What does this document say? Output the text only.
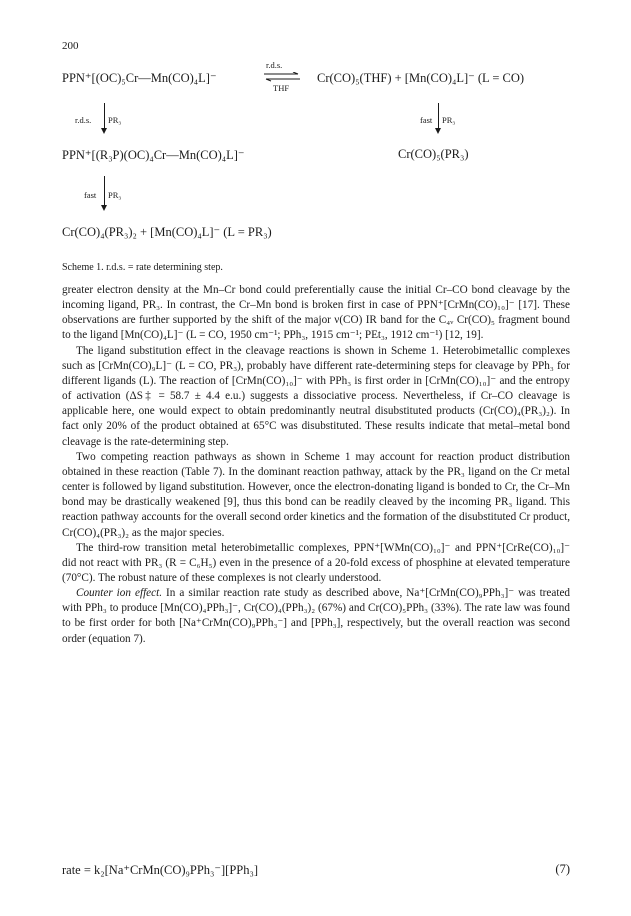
200
PPN⁺[(OC)₅Cr—Mn(CO)₄L]⁻
r.d.s.
THF
Cr(CO)₅(THF) + [Mn(CO)₄L]⁻ (L = CO)
r.d.s. PR₃	fast PR₃
PPN⁺[(R₃P)(OC)₄Cr—Mn(CO)₄L]⁻	Cr(CO)₅(PR₃)
fast PR₃
Cr(CO)₄(PR₃)₂ + [Mn(CO)₄L]⁻ (L = PR₃)
Scheme 1. r.d.s. = rate determining step.

greater electron density at the Mn–Cr bond could preferentially cause the initial Cr–CO bond cleavage by the incoming ligand, PR₃. In contrast, the Cr–Mn bond is broken first in case of PPN⁺[CrMn(CO)₁₀]⁻ [17]. These observations are further supported by the shift of the major ν(CO) IR band for the C₄ᵥ Cr(CO)₅ fragment bound to the ligand [Mn(CO)₄L]⁻ (L = CO, 1950 cm⁻¹; PPh₃, 1915 cm⁻¹; PEt₃, 1912 cm⁻¹) [12, 19].

The ligand substitution effect in the cleavage reactions is shown in Scheme 1. Heterobimetallic complexes such as [CrMn(CO)₉L]⁻ (L = CO, PR₃), probably have different rate-determining steps for cleavage by PPh₃ for different ligands (L). The reaction of [CrMn(CO)₁₀]⁻ with PPh₃ is first order in [CrMn(CO)₁₀]⁻ and the entropy of activation (ΔS‡ = 58.7 ± 4.4 e.u.) suggests a dissociative process. Nevertheless, if Cr–CO cleavage is applicable here, one would expect to obtain predominantly neutral disubstituted products (Cr(CO)₄(PR₃)₂). In fact only 20% of the product obtained at 65°C was disubstituted. These results indicate that metal–metal bond cleavage is the rate-determining step.

Two competing reaction pathways as shown in Scheme 1 may account for reaction product distribution obtained in these reaction (Table 7). In the dominant reaction pathway, attack by the PR₃ ligand on the Cr metal center is followed by ligand substitution. However, once the electron-donating ligand is bonded to Cr, the Cr–Mn bond may be drastically weakened [9], thus this bond can be readily cleaved by the incoming PR₃ ligand. This reaction pathway accounts for the overall second order kinetics and the formation of the disubstituted Cr product, Cr(CO)₄(PR₃)₂ as the major species.

The third-row transition metal heterobimetallic complexes, PPN⁺[WMn(CO)₁₀]⁻ and PPN⁺[CrRe(CO)₁₀]⁻ did not react with PR₃ (R = C₆H₅) even in the presence of a 20-fold excess of phosphine at elevated temperature (70°C). The robust nature of these complexes is not clearly understood.

Counter ion effect. In a similar reaction rate study as described above, Na⁺[CrMn(CO)₉PPh₃]⁻ was treated with PPh₃ to produce [Mn(CO)₄PPh₃]⁻, Cr(CO)₄(PPh₃)₂ (67%) and Cr(CO)₅PPh₃ (33%). The rate law was found to be first order for both [Na⁺CrMn(CO)₉PPh₃⁻] and [PPh₃], respectively, but the overall reaction was second order (equation 7).

rate = k₂[Na⁺CrMn(CO)₉PPh₃⁻][PPh₃]	(7)
